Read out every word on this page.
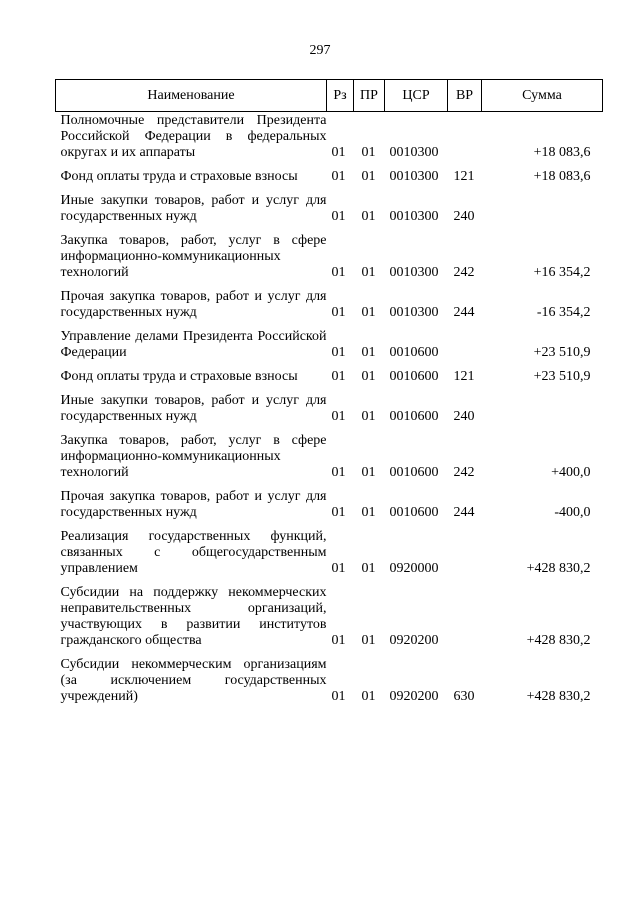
297
Наименование	Рз	ПР	ЦСР	ВР	Сумма
Полномочные представители Президента Российской Федерации в федеральных округах и их аппараты	01	01	0010300		+18 083,6
Фонд оплаты труда и страховые взносы	01	01	0010300	121	+18 083,6
Иные закупки товаров, работ и услуг для государственных нужд	01	01	0010300	240	
Закупка товаров, работ, услуг в сфере информационно-коммуникационных технологий	01	01	0010300	242	+16 354,2
Прочая закупка товаров, работ и услуг для государственных нужд	01	01	0010300	244	-16 354,2
Управление делами Президента Российской Федерации	01	01	0010600		+23 510,9
Фонд оплаты труда и страховые взносы	01	01	0010600	121	+23 510,9
Иные закупки товаров, работ и услуг для государственных нужд	01	01	0010600	240	
Закупка товаров, работ, услуг в сфере информационно-коммуникационных технологий	01	01	0010600	242	+400,0
Прочая закупка товаров, работ и услуг для государственных нужд	01	01	0010600	244	-400,0
Реализация государственных функций, связанных с общегосударственным управлением	01	01	0920000		+428 830,2
Субсидии на поддержку некоммерческих неправительственных организаций, участвующих в развитии институтов гражданского общества	01	01	0920200		+428 830,2
Субсидии некоммерческим организациям (за исключением государственных учреждений)	01	01	0920200	630	+428 830,2
